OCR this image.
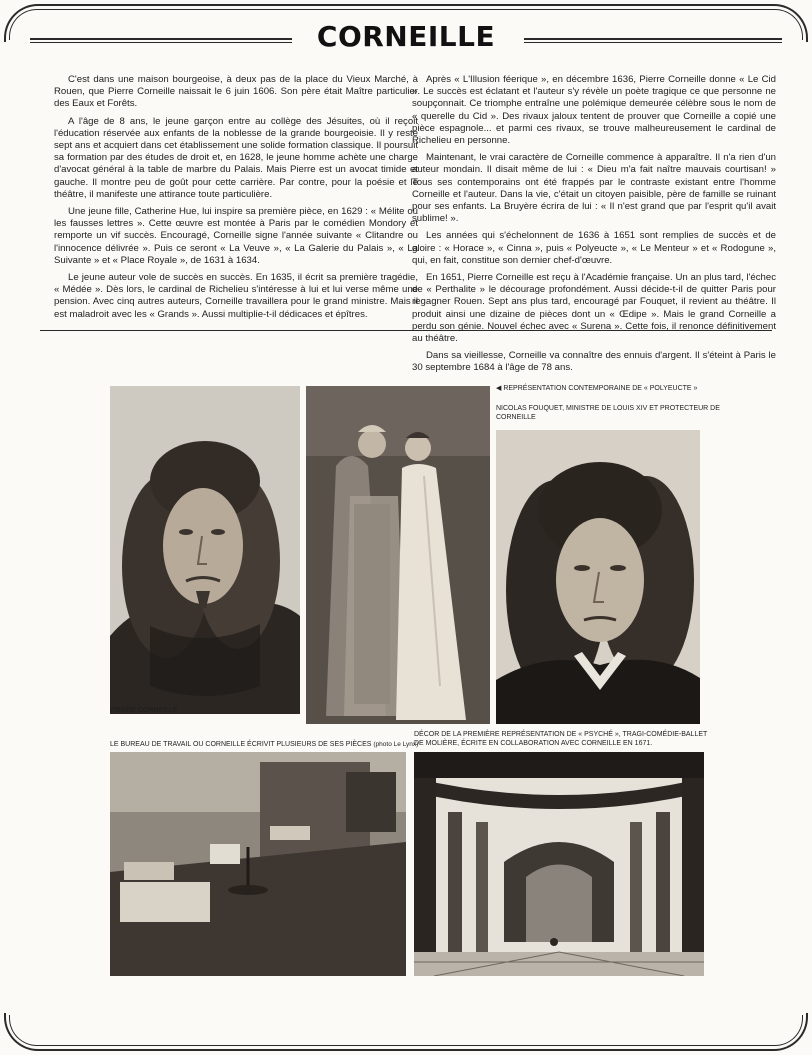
CORNEILLE

C'est dans une maison bourgeoise, à deux pas de la place du Vieux Marché, à Rouen, que Pierre Corneille naissait le 6 juin 1606. Son père était Maître particulier des Eaux et Forêts.

A l'âge de 8 ans, le jeune garçon entre au collège des Jésuites, où il reçoit l'éducation réservée aux enfants de la noblesse de la grande bourgeoisie. Il y reste sept ans et acquiert dans cet établissement une solide formation classique. Il poursuit sa formation par des études de droit et, en 1628, le jeune homme achète une charge d'avocat général à la table de marbre du Palais. Mais Pierre est un avocat timide et gauche. Il montre peu de goût pour cette carrière. Par contre, pour la poésie et le théâtre, il manifeste une attirance toute particulière.

Une jeune fille, Catherine Hue, lui inspire sa première pièce, en 1629 : « Mélite ou les fausses lettres ». Cette œuvre est montée à Paris par le comédien Mondory et remporte un vif succès. Encouragé, Corneille signe l'année suivante « Clitandre ou l'innocence délivrée ». Puis ce seront « La Veuve », « La Galerie du Palais », « La Suivante » et « Place Royale », de 1631 à 1634.

Le jeune auteur vole de succès en succès. En 1635, il écrit sa première tragédie, « Médée ». Dès lors, le cardinal de Richelieu s'intéresse à lui et lui verse même une pension. Avec cinq autres auteurs, Corneille travaillera pour le grand ministre. Mais il est maladroit avec les « Grands ». Aussi multiplie-t-il dédicaces et épîtres.

Après « L'Illusion féerique », en décembre 1636, Pierre Corneille donne « Le Cid ». Le succès est éclatant et l'auteur s'y révèle un poète tragique ce que personne ne soupçonnait. Ce triomphe entraîne une polémique demeurée célèbre sous le nom de « querelle du Cid ». Des rivaux jaloux tentent de prouver que Corneille a copié une pièce espagnole... et parmi ces rivaux, se trouve malheureusement le cardinal de Richelieu en personne.

Maintenant, le vrai caractère de Corneille commence à apparaître. Il n'a rien d'un auteur mondain. Il disait même de lui : « Dieu m'a fait naître mauvais courtisan! » Tous ses contemporains ont été frappés par le contraste existant entre l'homme Corneille et l'auteur. Dans la vie, c'était un citoyen paisible, père de famille se ruinant pour ses enfants. La Bruyère écrira de lui : « Il n'est grand que par l'esprit qu'il avait sublime! ».

Les années qui s'échelonnent de 1636 à 1651 sont remplies de succès et de gloire : « Horace », « Cinna », puis « Polyeucte », « Le Menteur » et « Rodogune », qui, en fait, constitue son dernier chef-d'œuvre.

En 1651, Pierre Corneille est reçu à l'Académie française. Un an plus tard, l'échec de « Perthalite » le décourage profondément. Aussi décide-t-il de quitter Paris pour regagner Rouen. Sept ans plus tard, encouragé par Fouquet, il revient au théâtre. Il produit ainsi une dizaine de pièces dont un « Œdipe ». Mais le grand Corneille a perdu son génie. Nouvel échec avec « Surena ». Cette fois, il renonce définitivement au théâtre.

Dans sa vieillesse, Corneille va connaître des ennuis d'argent. Il s'éteint à Paris le 30 septembre 1684 à l'âge de 78 ans.

PIERRE CORNEILLE
◀ REPRÉSENTATION CONTEMPORAINE DE « POLYEUCTE »
NICOLAS FOUQUET, MINISTRE DE LOUIS XIV ET PROTECTEUR DE CORNEILLE
LE BUREAU DE TRAVAIL OU CORNEILLE ÉCRIVIT PLUSIEURS DE SES PIÈCES (photo Le Lynx)
DÉCOR DE LA PREMIÈRE REPRÉSENTATION DE « PSYCHÉ », TRAGI-COMÉDIE-BALLET DE MOLIÈRE, ÉCRITE EN COLLABORATION AVEC CORNEILLE EN 1671.
